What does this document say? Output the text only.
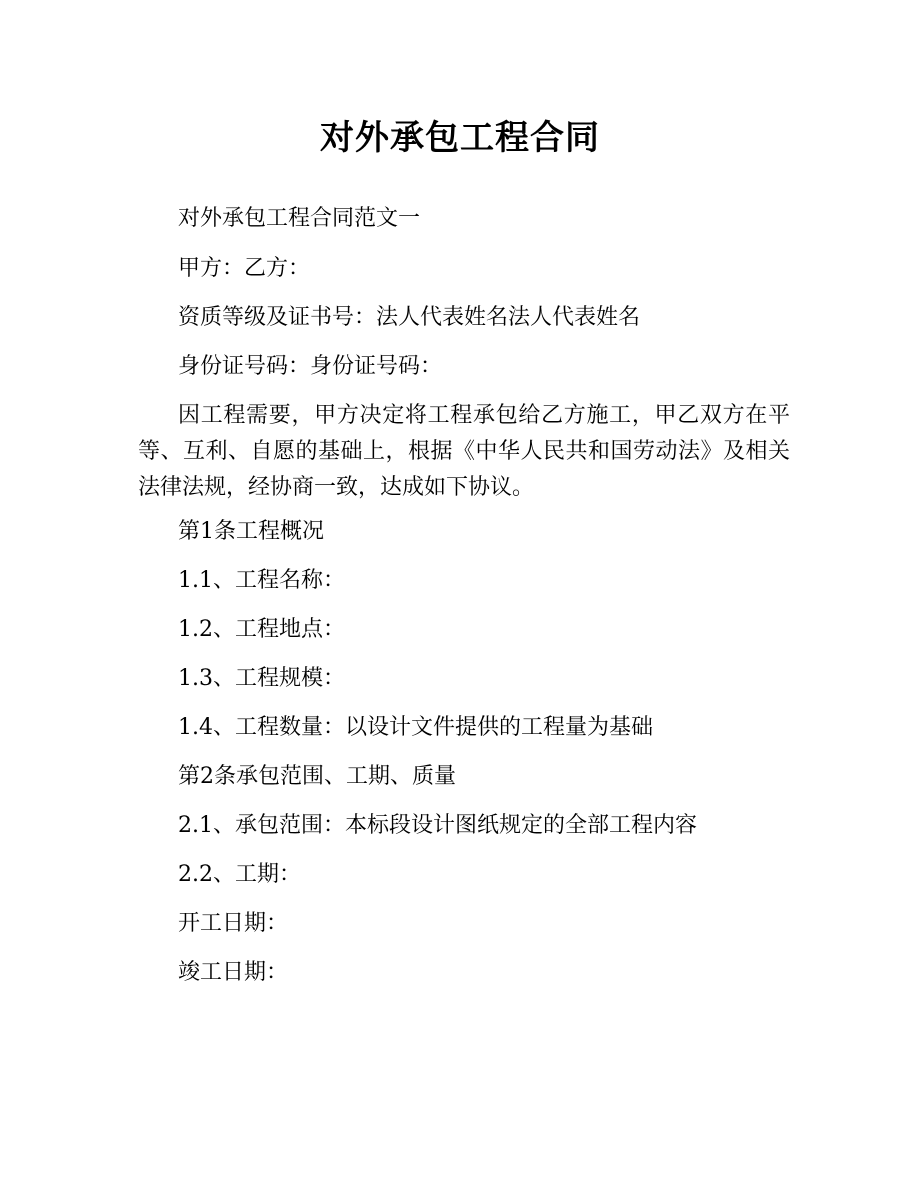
对外承包工程合同

对外承包工程合同范文一

甲方：乙方：

资质等级及证书号：法人代表姓名法人代表姓名

身份证号码：身份证号码：

因工程需要，甲方决定将工程承包给乙方施工，甲乙双方在平等、互利、自愿的基础上，根据《中华人民共和国劳动法》及相关法律法规，经协商一致，达成如下协议。

第1条工程概况

1.1、工程名称：

1.2、工程地点：

1.3、工程规模：

1.4、工程数量：以设计文件提供的工程量为基础

第2条承包范围、工期、质量

2.1、承包范围：本标段设计图纸规定的全部工程内容

2.2、工期：

开工日期：

竣工日期：
